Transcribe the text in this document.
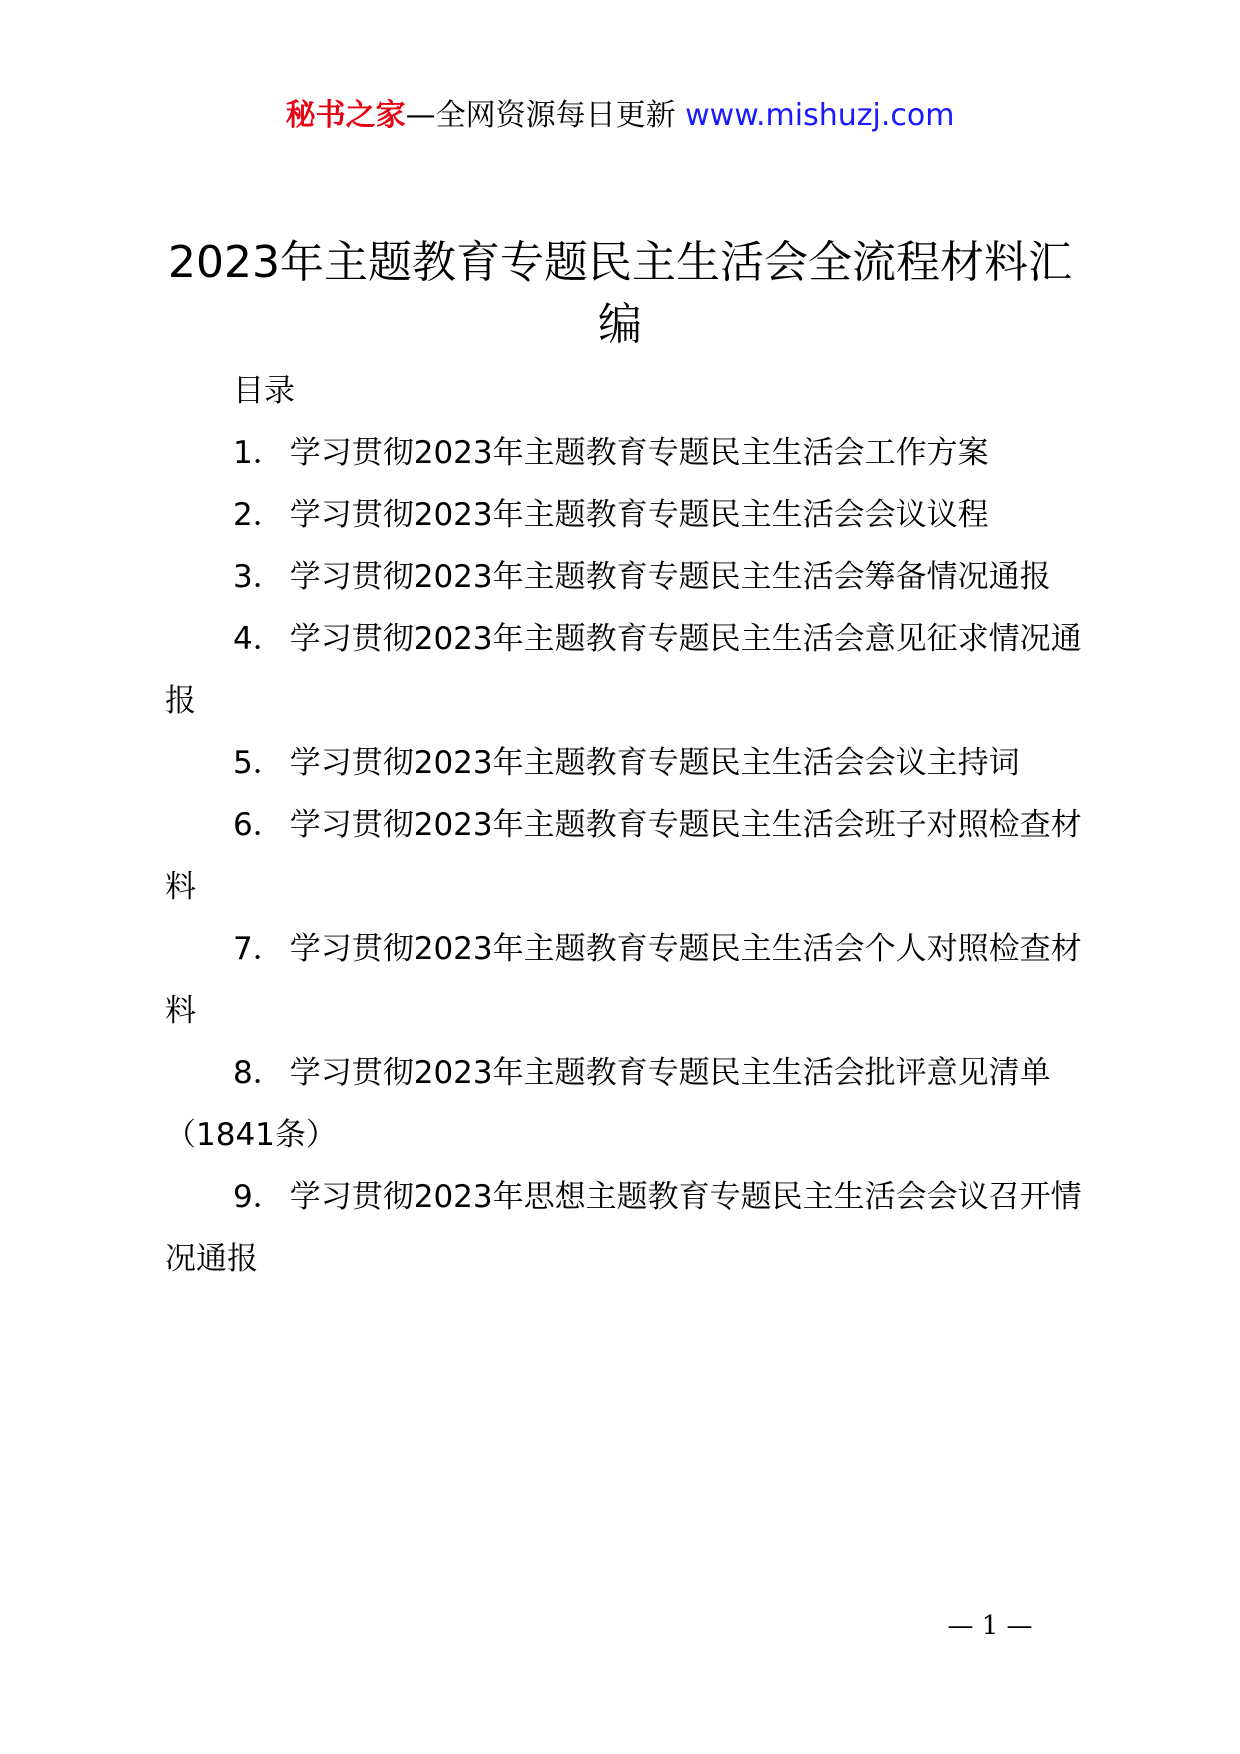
秘书之家—全网资源每日更新 www.mishuzj.com
2023年主题教育专题民主生活会全流程材料汇编

目录

1． 学习贯彻2023年主题教育专题民主生活会工作方案
2． 学习贯彻2023年主题教育专题民主生活会会议议程
3． 学习贯彻2023年主题教育专题民主生活会筹备情况通报
4． 学习贯彻2023年主题教育专题民主生活会意见征求情况通报
5． 学习贯彻2023年主题教育专题民主生活会会议主持词
6． 学习贯彻2023年主题教育专题民主生活会班子对照检查材料
7． 学习贯彻2023年主题教育专题民主生活会个人对照检查材料
8． 学习贯彻2023年主题教育专题民主生活会批评意见清单（1841条）
9． 学习贯彻2023年思想主题教育专题民主生活会会议召开情况通报
— 1 —
